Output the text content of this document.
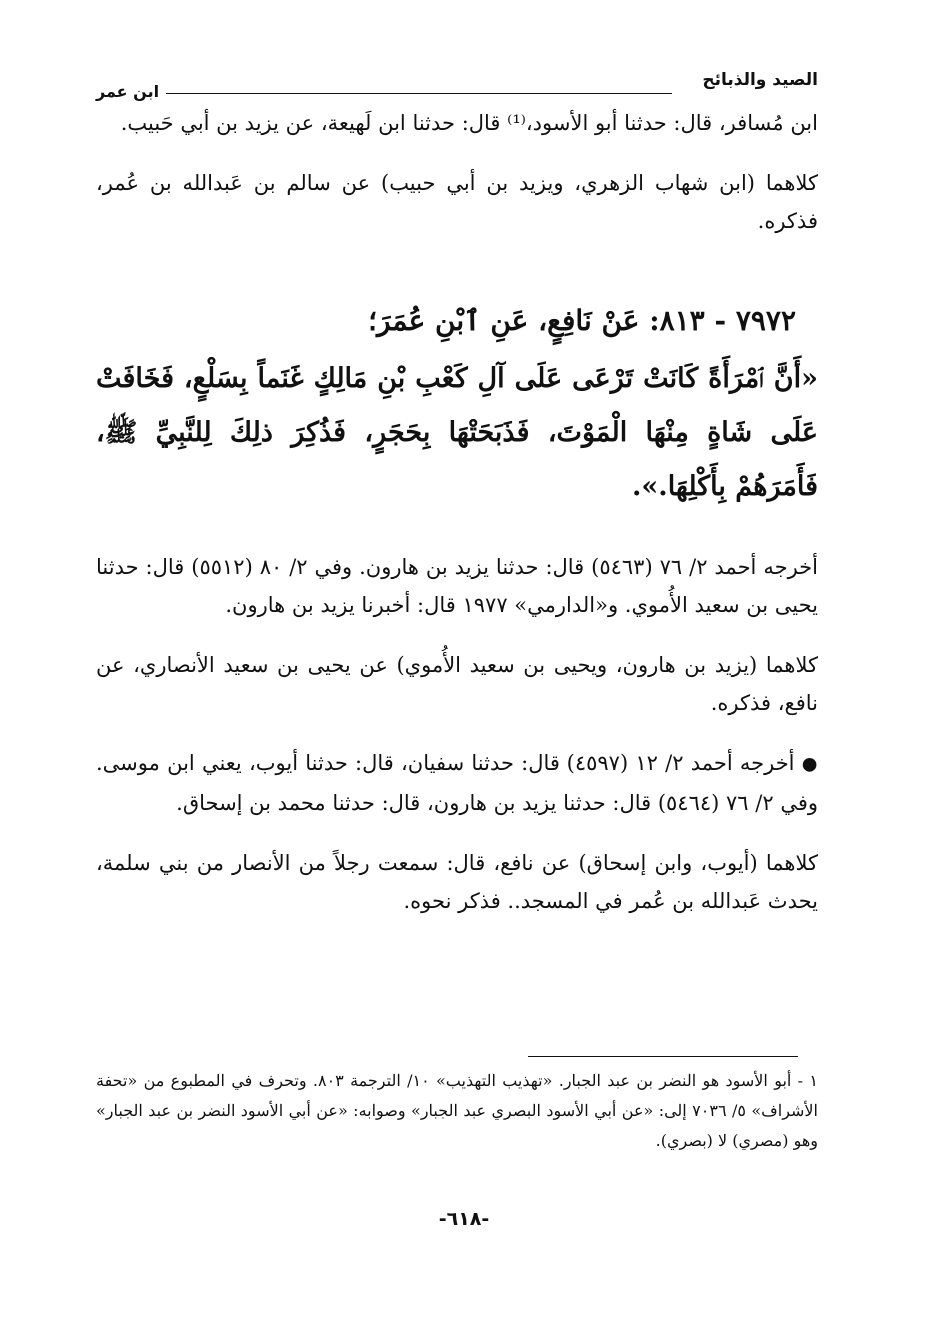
الصيد والذبائح
ابن عمر

ابن مُسافر، قال: حدثنا أبو الأسود،⁽¹⁾ قال: حدثنا ابن لَهيعة، عن يزيد بن أبي حَبيب.

كلاهما (ابن شهاب الزهري، ويزيد بن أبي حبيب) عن سالم بن عَبدالله بن عُمر، فذكره.

٧٩٧٢ - ٨١٣: عَنْ نَافِعٍ، عَنِ ٱبْنِ عُمَرَ؛
«أَنَّ ٱمْرَأَةً كَانَتْ تَرْعَى عَلَى آلِ كَعْبِ بْنِ مَالِكٍ غَنَماً بِسَلْعٍ، فَخَافَتْ عَلَى شَاةٍ مِنْهَا الْمَوْتَ، فَذَبَحَتْهَا بِحَجَرٍ، فَذُكِرَ ذلِكَ لِلنَّبِيِّ ﷺ، فَأَمَرَهُمْ بِأَكْلِهَا.».

أخرجه أحمد ٢/ ٧٦ (٥٤٦٣) قال: حدثنا يزيد بن هارون. وفي ٢/ ٨٠ (٥٥١٢) قال: حدثنا يحيى بن سعيد الأُموي. و«الدارمي» ١٩٧٧ قال: أخبرنا يزيد بن هارون.

كلاهما (يزيد بن هارون، ويحيى بن سعيد الأُموي) عن يحيى بن سعيد الأنصاري، عن نافع، فذكره.

● أخرجه أحمد ٢/ ١٢ (٤٥٩٧) قال: حدثنا سفيان، قال: حدثنا أيوب، يعني ابن موسى. وفي ٢/ ٧٦ (٥٤٦٤) قال: حدثنا يزيد بن هارون، قال: حدثنا محمد بن إسحاق.

كلاهما (أيوب، وابن إسحاق) عن نافع، قال: سمعت رجلاً من الأنصار من بني سلمة، يحدث عَبدالله بن عُمر في المسجد.. فذكر نحوه.

١ - أبو الأسود هو النضر بن عبد الجبار. «تهذيب التهذيب» ١٠/ الترجمة ٨٠٣. وتحرف في المطبوع من «تحفة الأشراف» ٥/ ٧٠٣٦ إلى: «عن أبي الأسود البصري عبد الجبار» وصوابه: «عن أبي الأسود النضر بن عبد الجبار» وهو (مصري) لا (بصري).
-٦١٨-
